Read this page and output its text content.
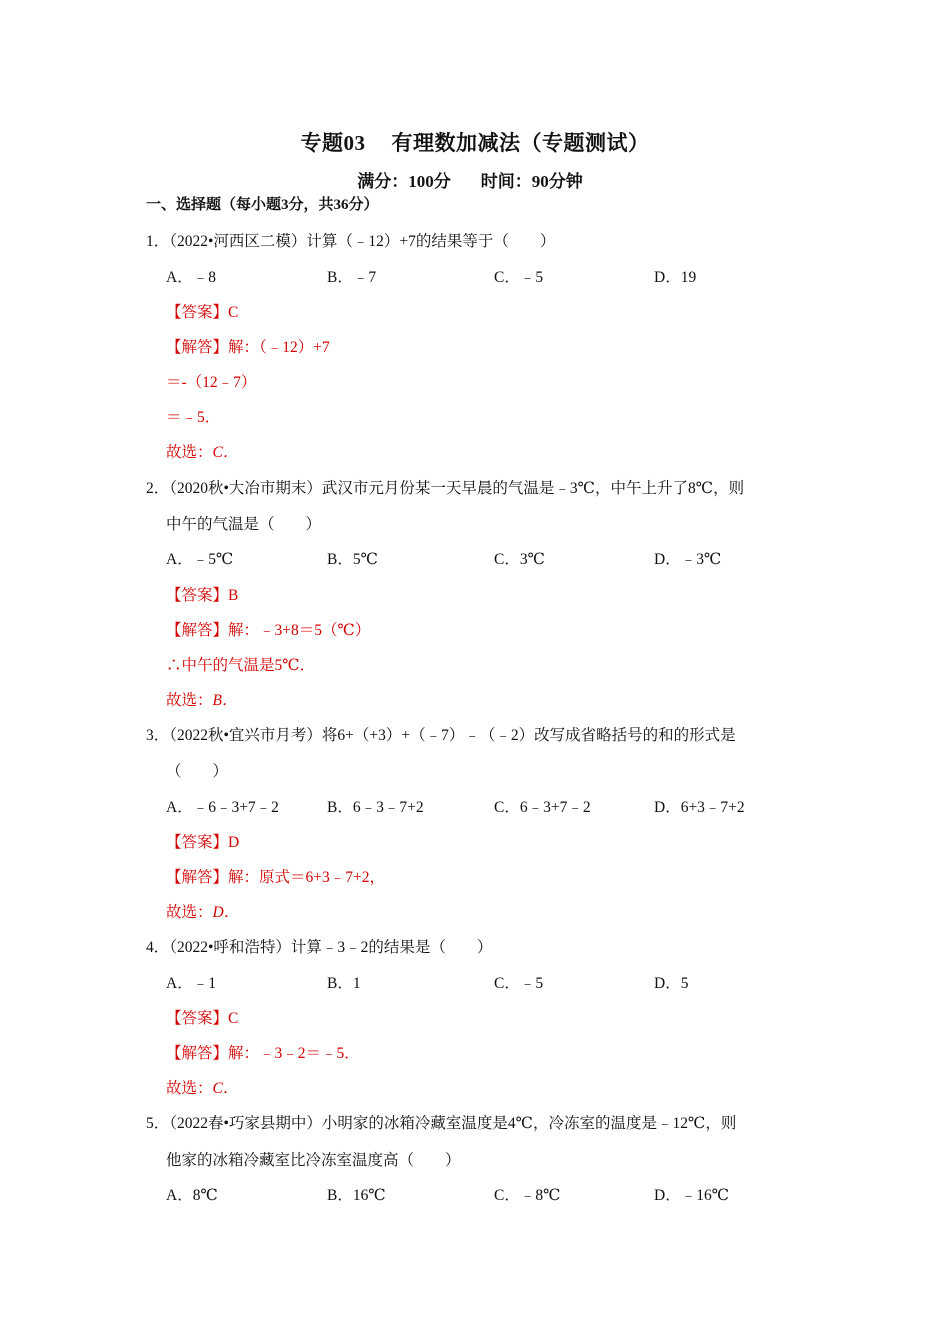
专题03 有理数加减法（专题测试）
满分：100分 时间：90分钟
一、选择题（每小题3分，共36分）
1．（2022•河西区二模）计算（﹣12）+7的结果等于（　　）
A．﹣8	B．﹣7	C．﹣5	D．19
【答案】C
【解答】解：（﹣12）+7
＝-（12﹣7）
＝﹣5．
故选：C．
2．（2020秋•大冶市期末）武汉市元月份某一天早晨的气温是﹣3℃，中午上升了8℃，则
中午的气温是（　　）
A．﹣5℃	B．5℃	C．3℃	D．﹣3℃
【答案】B
【解答】解：﹣3+8＝5（℃）
∴中午的气温是5℃．
故选：B．
3．（2022秋•宜兴市月考）将6+（+3）+（﹣7）﹣（﹣2）改写成省略括号的和的形式是
（　　）
A．﹣6﹣3+7﹣2	B．6﹣3﹣7+2	C．6﹣3+7﹣2	D．6+3﹣7+2
【答案】D
【解答】解：原式＝6+3﹣7+2，
故选：D．
4．（2022•呼和浩特）计算﹣3﹣2的结果是（　　）
A．﹣1	B．1	C．﹣5	D．5
【答案】C
【解答】解：﹣3﹣2＝﹣5．
故选：C．
5．（2022春•巧家县期中）小明家的冰箱冷藏室温度是4℃，冷冻室的温度是﹣12℃，则
他家的冰箱冷藏室比冷冻室温度高（　　）
A．8℃	B．16℃	C．﹣8℃	D．﹣16℃
